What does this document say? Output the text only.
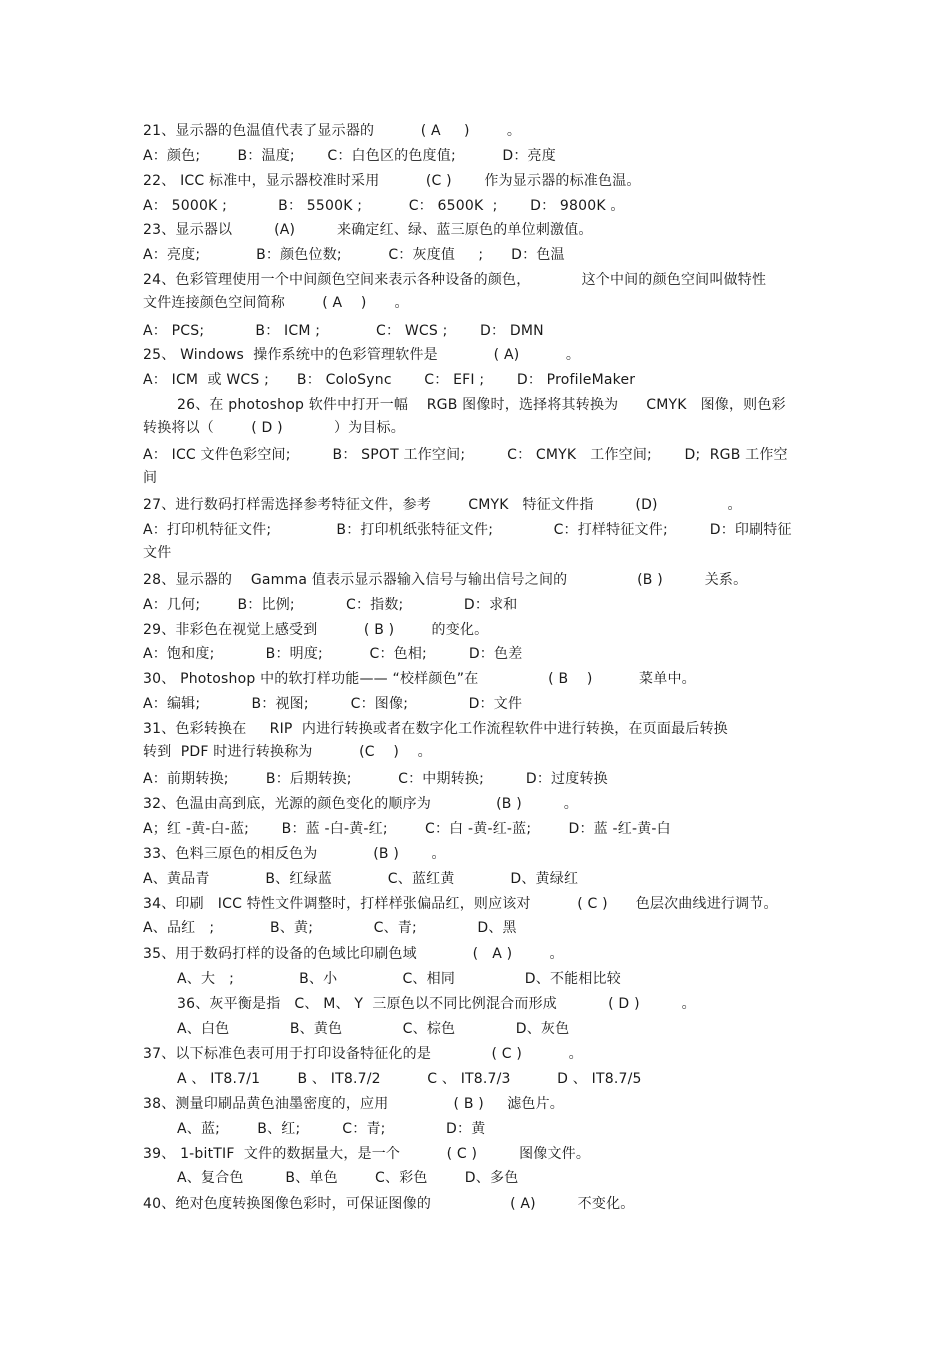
21、显示器的色温值代表了显示器的          ( A     )        。
A：颜色;        B：温度;       C：白色区的色度值;          D：亮度
22、 ICC 标准中，显示器校准时采用          (C )       作为显示器的标准色温。
A： 5000K ;           B： 5500K ;          C： 6500K  ;       D： 9800K 。
23、显示器以         (A)         来确定红、绿、蓝三原色的单位刺激值。
A：亮度;            B：颜色位数;          C：灰度值     ;      D：色温
24、色彩管理使用一个中间颜色空间来表示各种设备的颜色，           这个中间的颜色空间叫做特性
文件连接颜色空间简称        ( A    )      。
A： PCS;           B： ICM ;            C： WCS ;       D： DMN
25、 Windows  操作系统中的色彩管理软件是            ( A)          。
A： ICM  或 WCS ;      B： ColoSync       C： EFI ;       D： ProfileMaker
26、在 photoshop 软件中打开一幅    RGB 图像时，选择将其转换为      CMYK   图像，则色彩
转换将以（        ( D )           ）为目标。
A： ICC 文件色彩空间;         B： SPOT 工作空间;         C： CMYK   工作空间;       D;  RGB 工作空
间
27、进行数码打样需选择参考特征文件，参考        CMYK   特征文件指         (D)               。
A：打印机特征文件;              B：打印机纸张特征文件;             C：打样特征文件;         D：印刷特征
文件
28、显示器的    Gamma 值表示显示器输入信号与输出信号之间的               (B )         关系。
A：几何;        B：比例;           C：指数;             D：求和
29、非彩色在视觉上感受到          ( B )        的变化。
A：饱和度;           B：明度;          C：色相;         D：色差
30、 Photoshop 中的软打样功能—— “校样颜色”在               ( B    )          菜单中。
A：编辑;           B：视图;         C：图像;             D：文件
31、色彩转换在     RIP  内进行转换或者在数字化工作流程软件中进行转换，在页面最后转换
转到  PDF 时进行转换称为          (C    )    。
A：前期转换;        B：后期转换;          C：中期转换;         D：过度转换
32、色温由高到底，光源的颜色变化的顺序为              (B )         。
A；红 -黄-白-蓝;       B：蓝 -白-黄-红;        C：白 -黄-红-蓝;        D：蓝 -红-黄-白
33、色料三原色的相反色为            (B )       。
A、黄品青            B、红绿蓝            C、蓝红黄            D、黄绿红
34、印刷   ICC 特性文件调整时，打样样张偏品红，则应该对          ( C )      色层次曲线进行调节。
A、品红   ;            B、黄;             C、青;             D、黑
35、用于数码打样的设备的色域比印刷色域            (   A )        。
A、大   ;              B、小              C、相同               D、不能相比较
36、灰平衡是指   C、 M、 Y  三原色以不同比例混合而形成           ( D )         。
A、白色             B、黄色             C、棕色             D、灰色
37、以下标准色表可用于打印设备特征化的是             ( C )          。
A 、 IT8.7/1        B 、 IT8.7/2          C 、 IT8.7/3          D 、 IT8.7/5
38、测量印刷品黄色油墨密度的，应用              ( B )     滤色片。
A、蓝;        B、红;         C：青;             D：黄
39、 1-bitTIF  文件的数据量大，是一个          ( C )         图像文件。
A、复合色         B、单色        C、彩色        D、多色
40、绝对色度转换图像色彩时，可保证图像的                 ( A)         不变化。
